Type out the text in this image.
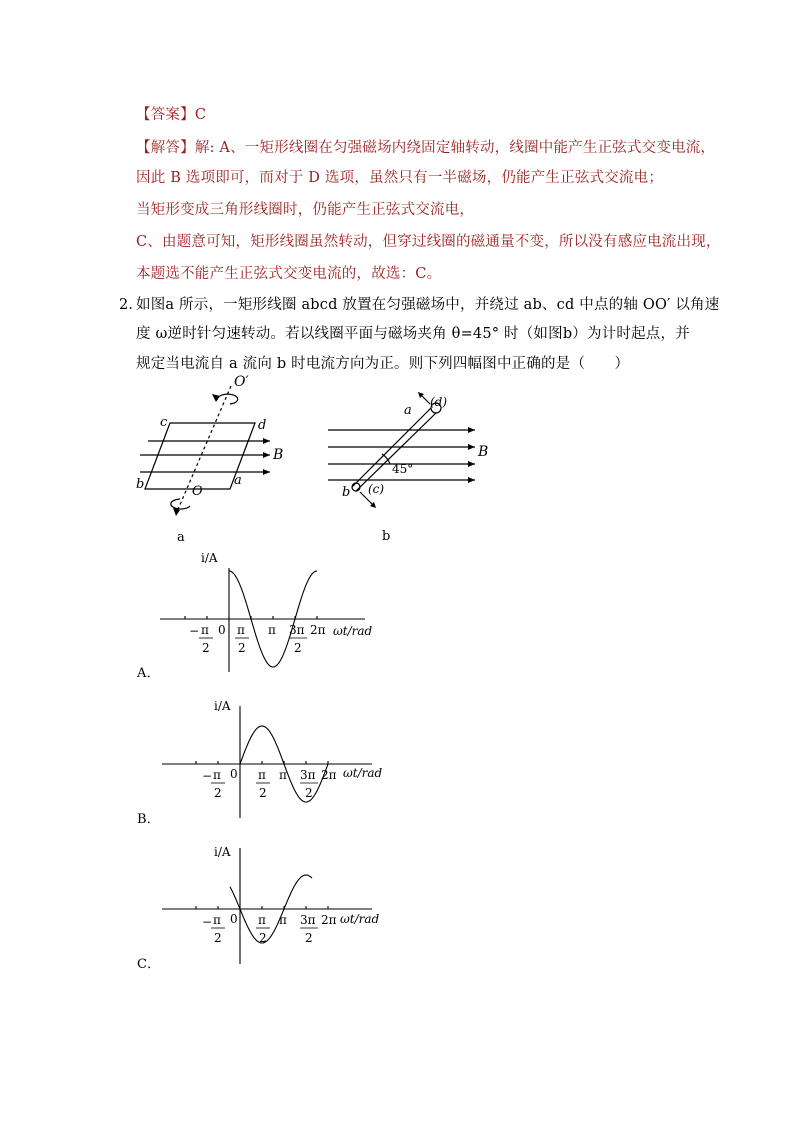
【答案】C
【解答】解: A、一矩形线圈在匀强磁场内绕固定轴转动，线圈中能产生正弦式交变电流，
因此 B 选项即可，而对于 D 选项，虽然只有一半磁场，仍能产生正弦式交流电；
当矩形变成三角形线圈时，仍能产生正弦式交流电，
C、由题意可知，矩形线圈虽然转动，但穿过线圈的磁通量不变，所以没有感应电流出现，
本题选不能产生正弦式交变电流的，故选：C。
2．
如图a 所示，一矩形线圈 abcd 放置在匀强磁场中，并绕过 ab、cd 中点的轴 OO′ 以角速
度 ω逆时针匀速转动。若以线圈平面与磁场夹角 θ=45° 时（如图b）为计时起点，并
规定当电流自 a 流向 b 时电流方向为正。则下列四幅图中正确的是（　　）
O′
O
c	d
b	a
B
a
a
(d)
b (c)
B
45°
b
i/A
ωt/rad
0
− π
2
π
2
π 3π
2
2π
A．
i/A
ωt/rad
0
− π
2
π
2
π 3π
2
2π
B．
i/A
ωt/rad
0
− π
2
π
2
π 3π
2
2π
C．
